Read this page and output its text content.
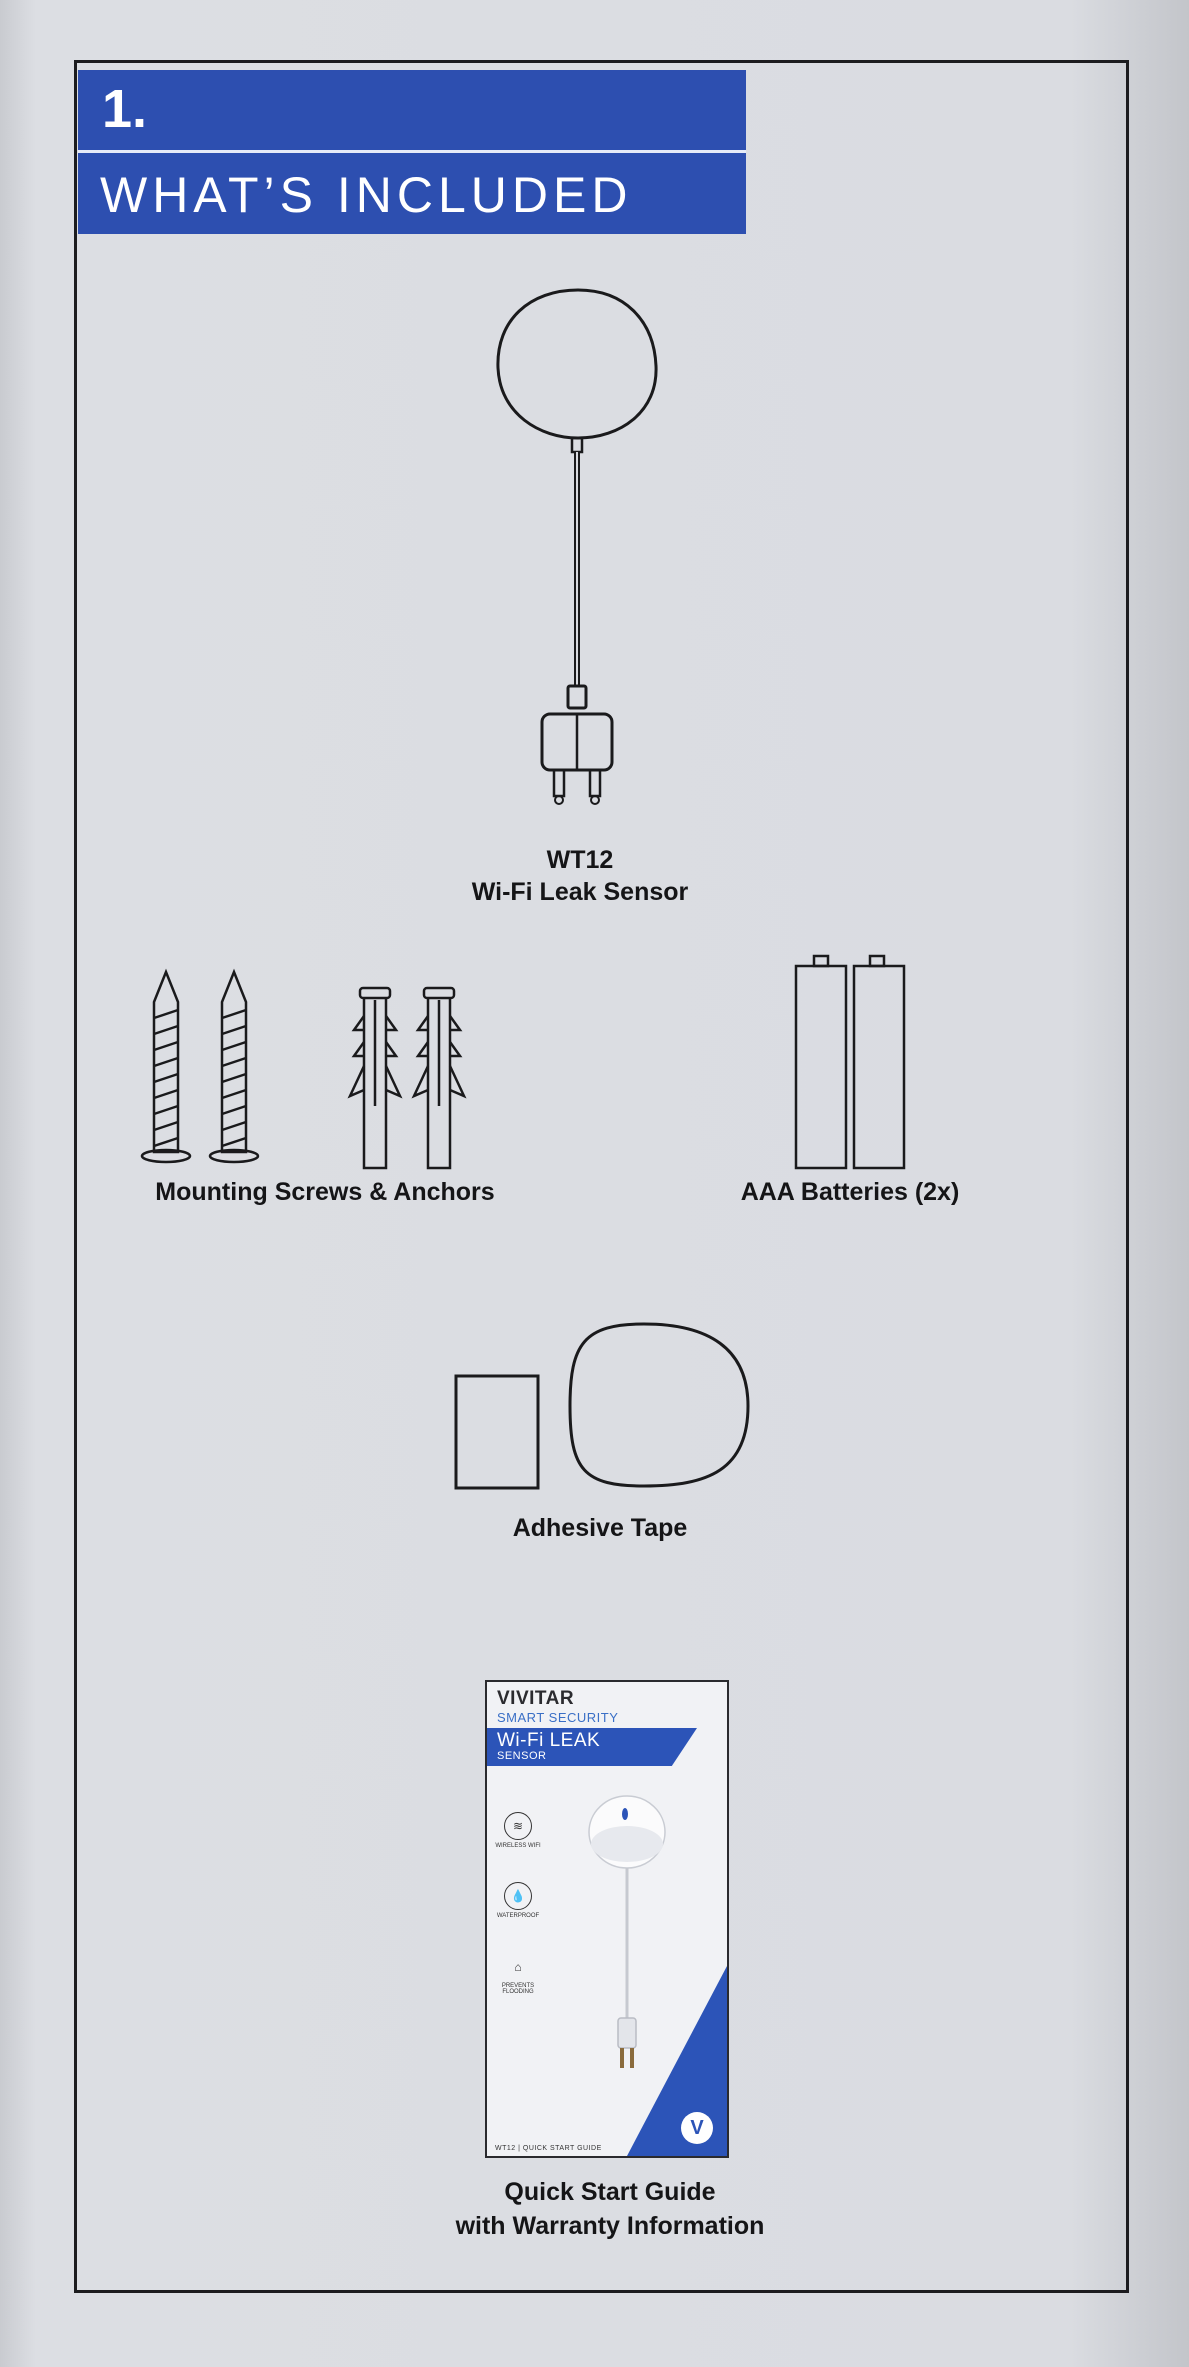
1.
WHAT’S INCLUDED
WT12
Wi-Fi Leak Sensor
Mounting Screws & Anchors	AAA Batteries (2x)
Adhesive Tape
VIVITAR
SMART SECURITY
Wi-Fi LEAK
SENSOR
≋
WIRELESS WIFI
💧
WATERPROOF
⌂
PREVENTS FLOODING
V
WT12 | QUICK START GUIDE
Quick Start Guide
with Warranty Information
